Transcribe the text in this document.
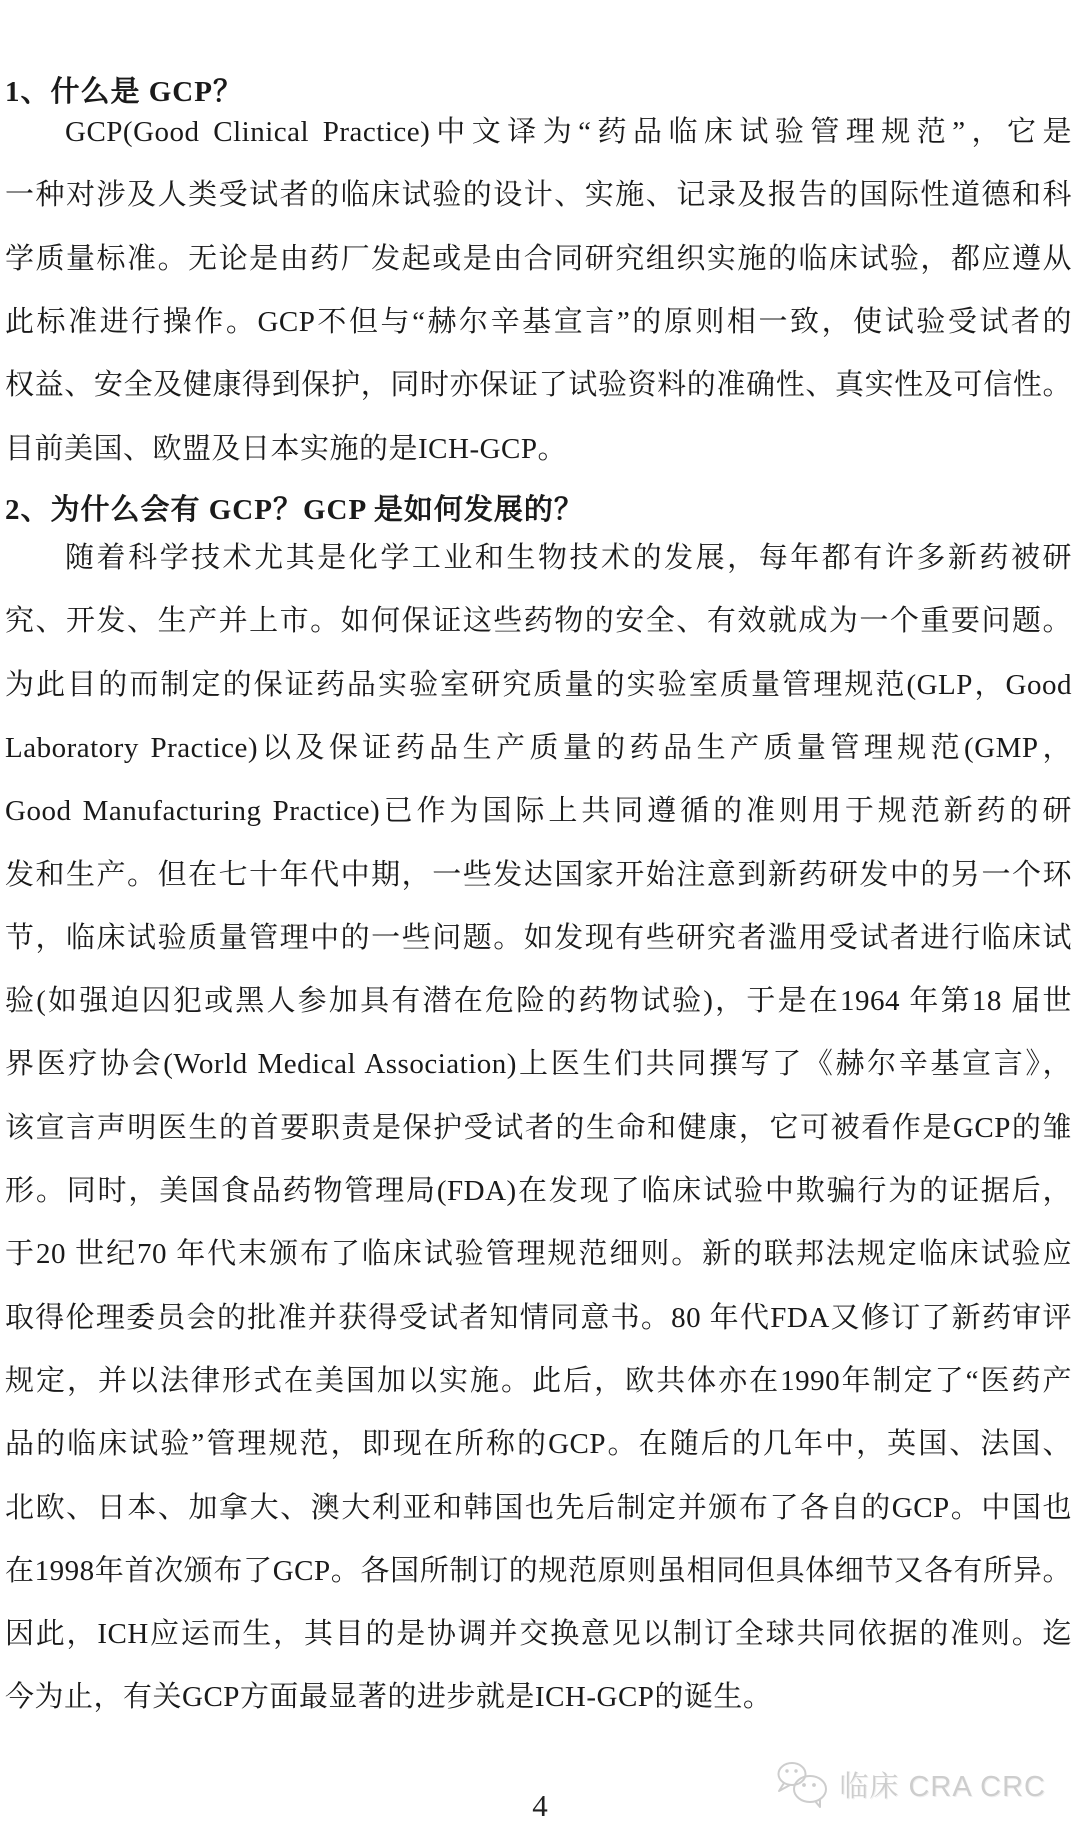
1、什么是 GCP？
GCP(Good Clinical Practice)中文译为“药品临床试验管理规范”，它是
一种对涉及人类受试者的临床试验的设计、实施、记录及报告的国际性道德和科
学质量标准。无论是由药厂发起或是由合同研究组织实施的临床试验，都应遵从
此标准进行操作。GCP不但与“赫尔辛基宣言”的原则相一致，使试验受试者的
权益、安全及健康得到保护，同时亦保证了试验资料的准确性、真实性及可信性。
目前美国、欧盟及日本实施的是ICH-GCP。
2、为什么会有 GCP？GCP 是如何发展的？
随着科学技术尤其是化学工业和生物技术的发展，每年都有许多新药被研
究、开发、生产并上市。如何保证这些药物的安全、有效就成为一个重要问题。
为此目的而制定的保证药品实验室研究质量的实验室质量管理规范(GLP，Good
Laboratory Practice)以及保证药品生产质量的药品生产质量管理规范(GMP，
Good Manufacturing Practice)已作为国际上共同遵循的准则用于规范新药的研
发和生产。但在七十年代中期，一些发达国家开始注意到新药研发中的另一个环
节，临床试验质量管理中的一些问题。如发现有些研究者滥用受试者进行临床试
验(如强迫囚犯或黑人参加具有潜在危险的药物试验)，于是在1964 年第18 届世
界医疗协会(World Medical Association)上医生们共同撰写了《赫尔辛基宣言》，
该宣言声明医生的首要职责是保护受试者的生命和健康，它可被看作是GCP的雏
形。同时，美国食品药物管理局(FDA)在发现了临床试验中欺骗行为的证据后，
于20 世纪70 年代末颁布了临床试验管理规范细则。新的联邦法规定临床试验应
取得伦理委员会的批准并获得受试者知情同意书。80 年代FDA又修订了新药审评
规定，并以法律形式在美国加以实施。此后，欧共体亦在1990年制定了“医药产
品的临床试验”管理规范，即现在所称的GCP。在随后的几年中，英国、法国、
北欧、日本、加拿大、澳大利亚和韩国也先后制定并颁布了各自的GCP。中国也
在1998年首次颁布了GCP。各国所制订的规范原则虽相同但具体细节又各有所异。
因此，ICH应运而生，其目的是协调并交换意见以制订全球共同依据的准则。迄
今为止，有关GCP方面最显著的进步就是ICH-GCP的诞生。
临床 CRA CRC
4
